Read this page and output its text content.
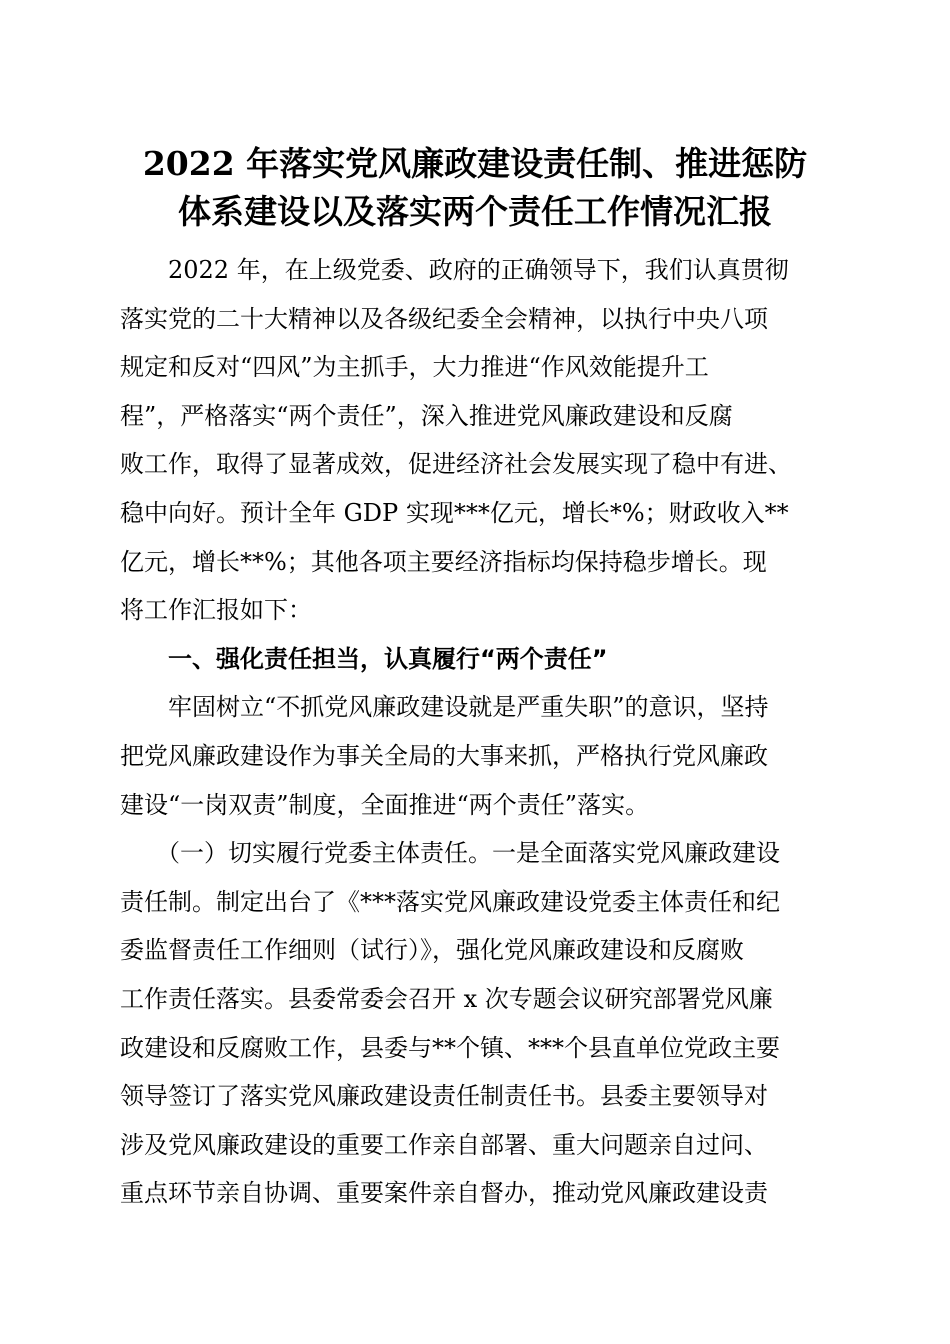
2022 年落实党风廉政建设责任制、推进惩防
体系建设以及落实两个责任工作情况汇报
　　2022 年，在上级党委、政府的正确领导下，我们认真贯彻
落实党的二十大精神以及各级纪委全会精神，以执行中央八项
规定和反对“四风”为主抓手，大力推进“作风效能提升工
程”，严格落实“两个责任”，深入推进党风廉政建设和反腐
败工作，取得了显著成效，促进经济社会发展实现了稳中有进、
稳中向好。预计全年 GDP 实现***亿元，增长*%；财政收入**
亿元，增长**%；其他各项主要经济指标均保持稳步增长。现
将工作汇报如下：
　　一、强化责任担当，认真履行“两个责任”
　　牢固树立“不抓党风廉政建设就是严重失职”的意识，坚持
把党风廉政建设作为事关全局的大事来抓，严格执行党风廉政
建设“一岗双责”制度，全面推进“两个责任”落实。
　　（一）切实履行党委主体责任。一是全面落实党风廉政建设
责任制。制定出台了《***落实党风廉政建设党委主体责任和纪
委监督责任工作细则（试行）》，强化党风廉政建设和反腐败
工作责任落实。县委常委会召开 x 次专题会议研究部署党风廉
政建设和反腐败工作，县委与**个镇、***个县直单位党政主要
领导签订了落实党风廉政建设责任制责任书。县委主要领导对
涉及党风廉政建设的重要工作亲自部署、重大问题亲自过问、
重点环节亲自协调、重要案件亲自督办，推动党风廉政建设责
